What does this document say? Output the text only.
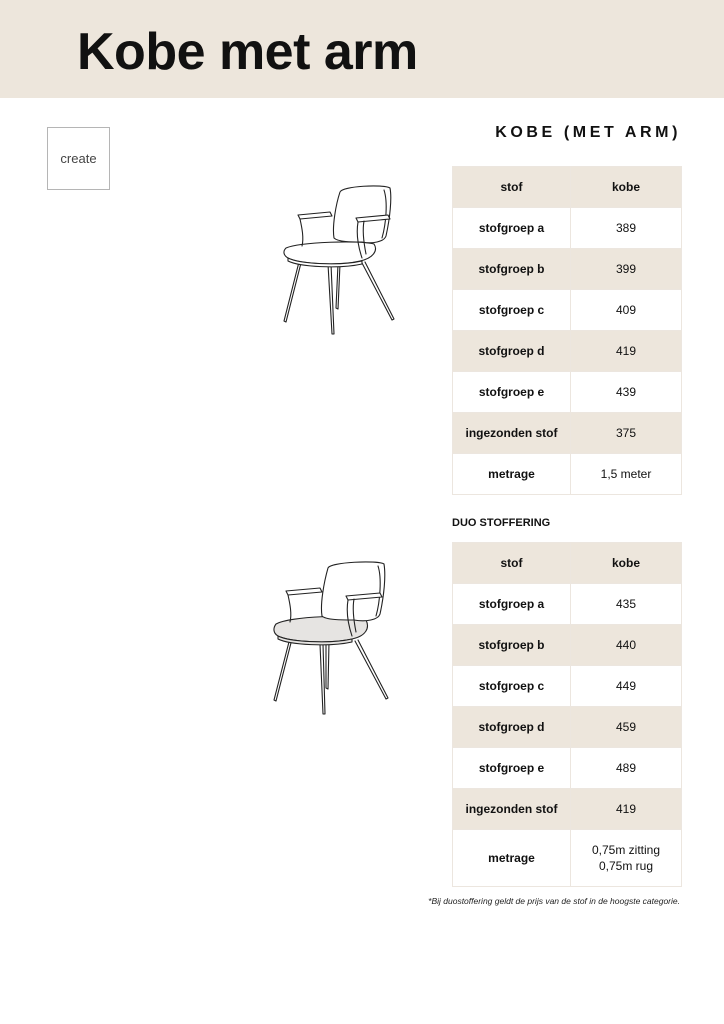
Kobe met arm
create
KOBE (MET ARM)
stof	kobe
stofgroep a	389
stofgroep b	399
stofgroep c	409
stofgroep d	419
stofgroep e	439
ingezonden stof	375
metrage	1,5 meter
DUO STOFFERING
stof	kobe
stofgroep a	435
stofgroep b	440
stofgroep c	449
stofgroep d	459
stofgroep e	489
ingezonden stof	419
metrage	0,75m zitting
0,75m rug

*Bij duostoffering geldt de prijs van de stof in de hoogste categorie.
